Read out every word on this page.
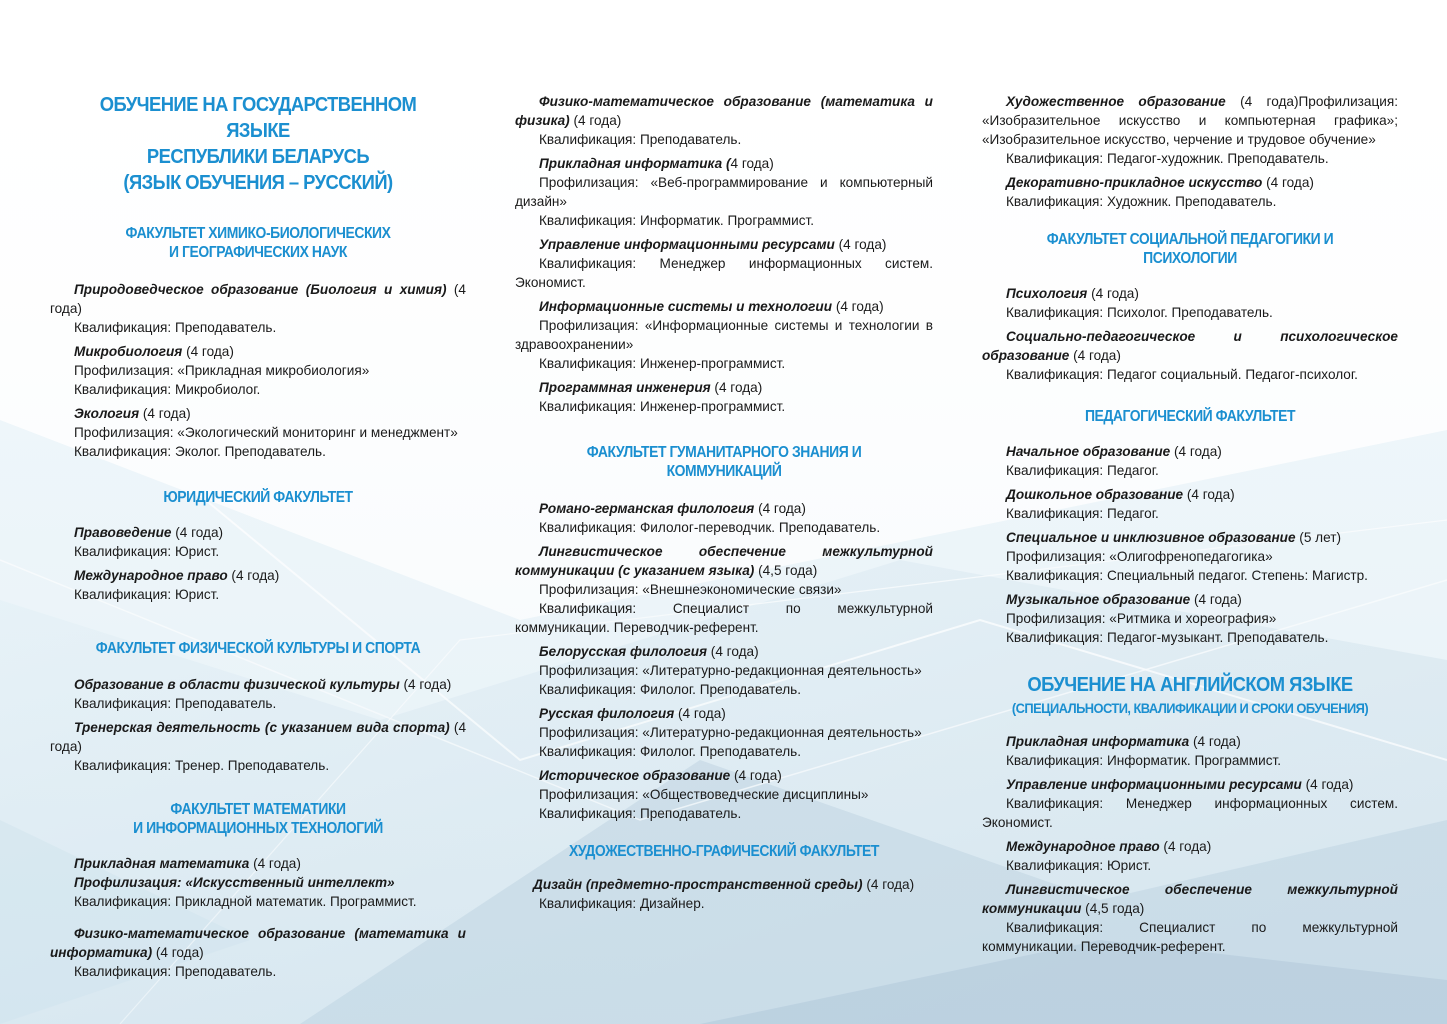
ОБУЧЕНИЕ НА ГОСУДАРСТВЕННОМ ЯЗЫКЕ
РЕСПУБЛИКИ БЕЛАРУСЬ
(ЯЗЫК ОБУЧЕНИЯ – РУССКИЙ)
ФАКУЛЬТЕТ ХИМИКО-БИОЛОГИЧЕСКИХ
И ГЕОГРАФИЧЕСКИХ НАУК

Природоведческое образование (Биология и химия) (4 года)

Квалификация: Преподаватель.

Микробиология (4 года)

Профилизация: «Прикладная микробиология»

Квалификация: Микробиолог.

Экология (4 года)

Профилизация: «Экологический мониторинг и менеджмент»

Квалификация: Эколог. Преподаватель.

ЮРИДИЧЕСКИЙ ФАКУЛЬТЕТ

Правоведение (4 года)

Квалификация: Юрист.

Международное право (4 года)

Квалификация: Юрист.

ФАКУЛЬТЕТ ФИЗИЧЕСКОЙ КУЛЬТУРЫ И СПОРТА

Образование в области физической культуры (4 года)

Квалификация: Преподаватель.

Тренерская деятельность (с указанием вида спорта) (4 года)

Квалификация: Тренер. Преподаватель.

ФАКУЛЬТЕТ МАТЕМАТИКИ
И ИНФОРМАЦИОННЫХ ТЕХНОЛОГИЙ

Прикладная математика (4 года)

Профилизация: «Искусственный интеллект»

Квалификация: Прикладной математик. Программист.

Физико-математическое образование (математика и информатика) (4 года)

Квалификация: Преподаватель.

Физико-математическое образование (математика и физика) (4 года)

Квалификация: Преподаватель.

Прикладная информатика (4 года)

Профилизация: «Веб-программирование и компьютерный дизайн»

Квалификация: Информатик. Программист.

Управление информационными ресурсами (4 года)

Квалификация: Менеджер информационных систем. Экономист.

Информационные системы и технологии (4 года)

Профилизация: «Информационные системы и технологии в здравоохранении»

Квалификация: Инженер-программист.

Программная инженерия (4 года)

Квалификация: Инженер-программист.

ФАКУЛЬТЕТ ГУМАНИТАРНОГО ЗНАНИЯ И КОММУНИКАЦИЙ

Романо-германская филология (4 года)

Квалификация: Филолог-переводчик. Преподаватель.

Лингвистическое обеспечение межкультурной коммуникации (с указанием языка) (4,5 года)

Профилизация: «Внешнеэкономические связи»

Квалификация: Специалист по межкультурной коммуникации. Переводчик-референт.

Белорусская филология (4 года)

Профилизация: «Литературно-редакционная деятельность»

Квалификация: Филолог. Преподаватель.

Русская филология (4 года)

Профилизация: «Литературно-редакционная деятельность»

Квалификация: Филолог. Преподаватель.

Историческое образование (4 года)

Профилизация: «Обществоведческие дисциплины»

Квалификация: Преподаватель.

ХУДОЖЕСТВЕННО-ГРАФИЧЕСКИЙ ФАКУЛЬТЕТ

Дизайн (предметно-пространственной среды) (4 года)

Квалификация: Дизайнер.

Художественное образование (4 года)Профилизация: «Изобразительное искусство и компьютерная графика»; «Изобразительное искусство, черчение и трудовое обучение»

Квалификация: Педагог-художник. Преподаватель.

Декоративно-прикладное искусство (4 года)

Квалификация: Художник. Преподаватель.

ФАКУЛЬТЕТ СОЦИАЛЬНОЙ ПЕДАГОГИКИ И ПСИХОЛОГИИ

Психология (4 года)

Квалификация: Психолог. Преподаватель.

Социально-педагогическое и психологическое образование (4 года)

Квалификация: Педагог социальный. Педагог-психолог.

ПЕДАГОГИЧЕСКИЙ ФАКУЛЬТЕТ

Начальное образование (4 года)

Квалификация: Педагог.

Дошкольное образование (4 года)

Квалификация: Педагог.

Специальное и инклюзивное образование (5 лет)

Профилизация: «Олигофренопедагогика»

Квалификация: Специальный педагог. Степень: Магистр.

Музыкальное образование (4 года)

Профилизация: «Ритмика и хореография»

Квалификация: Педагог-музыкант. Преподаватель.

ОБУЧЕНИЕ НА АНГЛИЙСКОМ ЯЗЫКЕ
(СПЕЦИАЛЬНОСТИ, КВАЛИФИКАЦИИ И СРОКИ ОБУЧЕНИЯ)

Прикладная информатика (4 года)

Квалификация: Информатик. Программист.

Управление информационными ресурсами (4 года)

Квалификация: Менеджер информационных систем. Экономист.

Международное право (4 года)

Квалификация: Юрист.

Лингвистическое обеспечение межкультурной коммуникации (4,5 года)

Квалификация: Специалист по межкультурной коммуникации. Переводчик-референт.
